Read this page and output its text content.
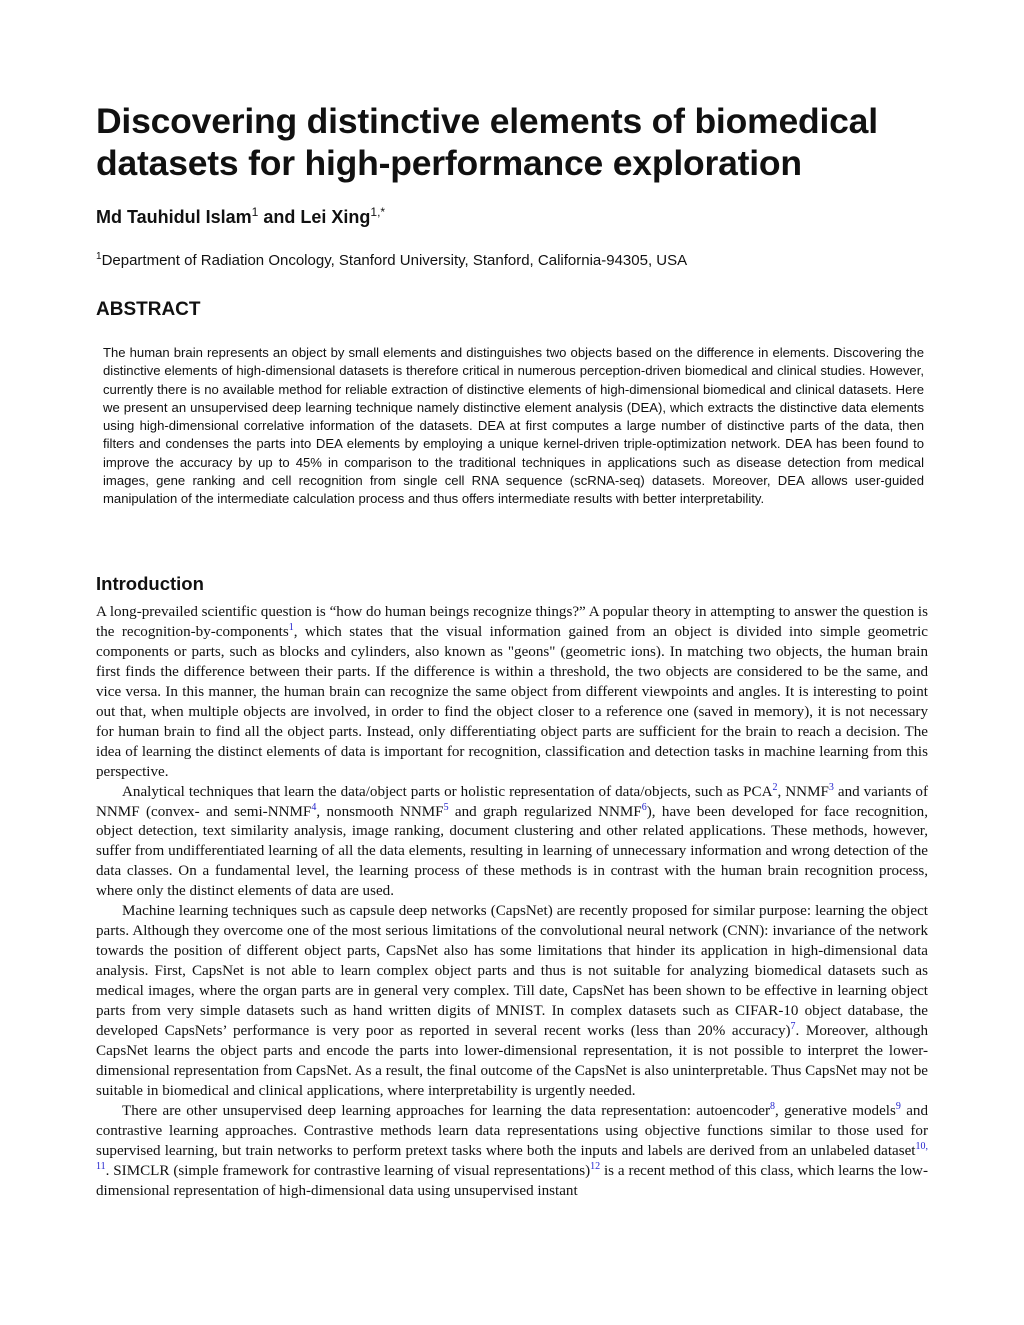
Discovering distinctive elements of biomedical datasets for high-performance exploration
Md Tauhidul Islam$^1$ and Lei Xing$^{1,*}$
$^1$Department of Radiation Oncology, Stanford University, Stanford, California-94305, USA
ABSTRACT

The human brain represents an object by small elements and distinguishes two objects based on the difference in elements. Discovering the distinctive elements of high-dimensional datasets is therefore critical in numerous perception-driven biomedical and clinical studies. However, currently there is no available method for reliable extraction of distinctive elements of high-dimensional biomedical and clinical datasets. Here we present an unsupervised deep learning technique namely distinctive element analysis (DEA), which extracts the distinctive data elements using high-dimensional correlative information of the datasets. DEA at first computes a large number of distinctive parts of the data, then filters and condenses the parts into DEA elements by employing a unique kernel-driven triple-optimization network. DEA has been found to improve the accuracy by up to 45% in comparison to the traditional techniques in applications such as disease detection from medical images, gene ranking and cell recognition from single cell RNA sequence (scRNA-seq) datasets. Moreover, DEA allows user-guided manipulation of the intermediate calculation process and thus offers intermediate results with better interpretability.

Introduction

A long-prevailed scientific question is “how do human beings recognize things?” A popular theory in attempting to answer the question is the recognition-by-components$^1$, which states that the visual information gained from an object is divided into simple geometric components or parts, such as blocks and cylinders, also known as "geons" (geometric ions). In matching two objects, the human brain first finds the difference between their parts. If the difference is within a threshold, the two objects are considered to be the same, and vice versa. In this manner, the human brain can recognize the same object from different viewpoints and angles. It is interesting to point out that, when multiple objects are involved, in order to find the object closer to a reference one (saved in memory), it is not necessary for human brain to find all the object parts. Instead, only differentiating object parts are sufficient for the brain to reach a decision. The idea of learning the distinct elements of data is important for recognition, classification and detection tasks in machine learning from this perspective.

Analytical techniques that learn the data/object parts or holistic representation of data/objects, such as PCA$^2$, NNMF$^3$ and variants of NNMF (convex- and semi-NNMF$^4$, nonsmooth NNMF$^5$ and graph regularized NNMF$^6$), have been developed for face recognition, object detection, text similarity analysis, image ranking, document clustering and other related applications. These methods, however, suffer from undifferentiated learning of all the data elements, resulting in learning of unnecessary information and wrong detection of the data classes. On a fundamental level, the learning process of these methods is in contrast with the human brain recognition process, where only the distinct elements of data are used.

Machine learning techniques such as capsule deep networks (CapsNet) are recently proposed for similar purpose: learning the object parts. Although they overcome one of the most serious limitations of the convolutional neural network (CNN): invariance of the network towards the position of different object parts, CapsNet also has some limitations that hinder its application in high-dimensional data analysis. First, CapsNet is not able to learn complex object parts and thus is not suitable for analyzing biomedical datasets such as medical images, where the organ parts are in general very complex. Till date, CapsNet has been shown to be effective in learning object parts from very simple datasets such as hand written digits of MNIST. In complex datasets such as CIFAR-10 object database, the developed CapsNets’ performance is very poor as reported in several recent works (less than 20% accuracy)$^7$. Moreover, although CapsNet learns the object parts and encode the parts into lower-dimensional representation, it is not possible to interpret the lower-dimensional representation from CapsNet. As a result, the final outcome of the CapsNet is also uninterpretable. Thus CapsNet may not be suitable in biomedical and clinical applications, where interpretability is urgently needed.

There are other unsupervised deep learning approaches for learning the data representation: autoencoder$^8$, generative models$^9$ and contrastive learning approaches. Contrastive methods learn data representations using objective functions similar to those used for supervised learning, but train networks to perform pretext tasks where both the inputs and labels are derived from an unlabeled dataset$^{10, 11}$. SIMCLR (simple framework for contrastive learning of visual representations)$^{12}$ is a recent method of this class, which learns the low-dimensional representation of high-dimensional data using unsupervised instant
